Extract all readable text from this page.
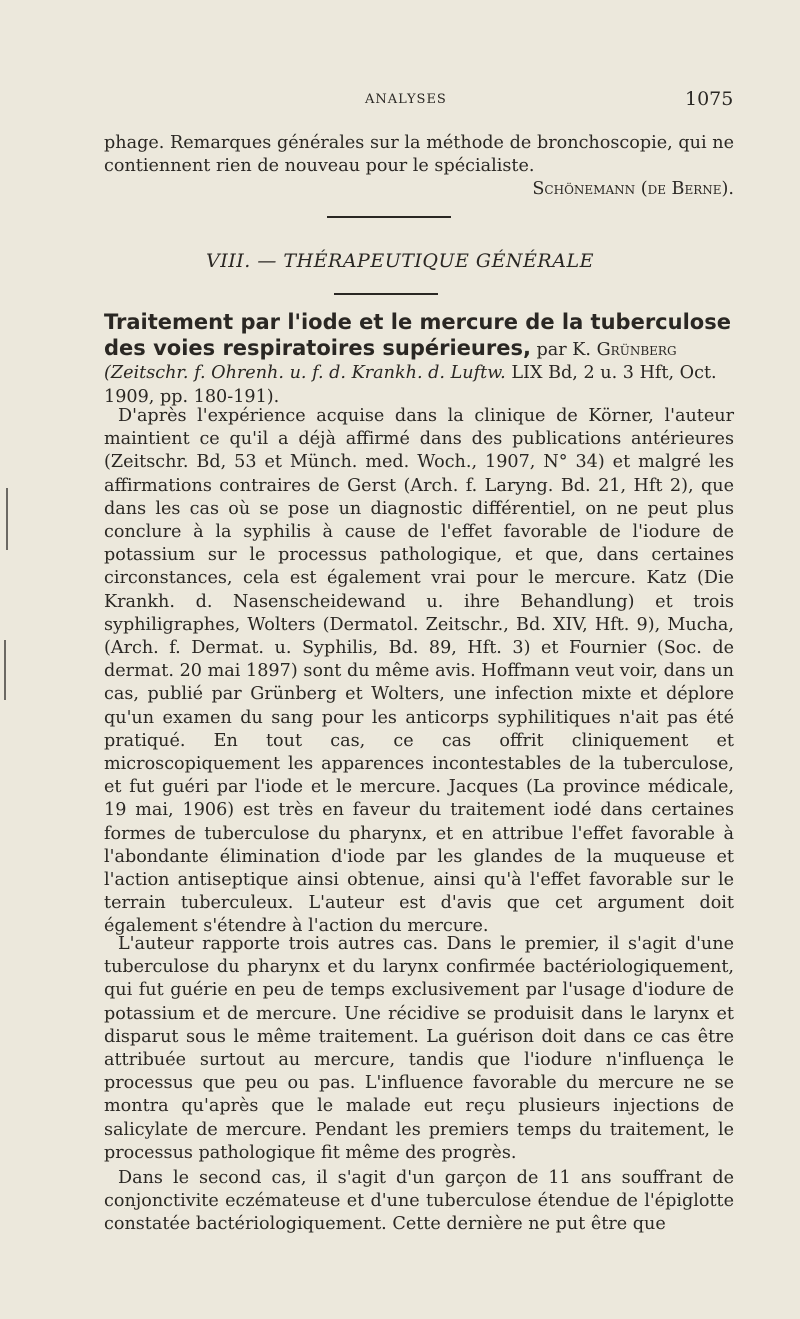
ANALYSES	1075
phage. Remarques générales sur la méthode de bronchoscopie, qui ne contiennent rien de nouveau pour le spécialiste.
Schönemann (de Berne).
VIII. — THÉRAPEUTIQUE GÉNÉRALE
Traitement par l'iode et le mercure de la tuberculose des voies respiratoires supérieures, par K. Grünberg (Zeitschr. f. Ohrenh. u. f. d. Krankh. d. Luftw. LIX Bd, 2 u. 3 Hft, Oct. 1909, pp. 180-191).

D'après l'expérience acquise dans la clinique de Körner, l'auteur maintient ce qu'il a déjà affirmé dans des publications antérieures (Zeitschr. Bd, 53 et Münch. med. Woch., 1907, N° 34) et malgré les affirmations contraires de Gerst (Arch. f. Laryng. Bd. 21, Hft 2), que dans les cas où se pose un diagnostic différentiel, on ne peut plus conclure à la syphilis à cause de l'effet favorable de l'iodure de potassium sur le processus pathologique, et que, dans certaines circonstances, cela est également vrai pour le mercure. Katz (Die Krankh. d. Nasenscheidewand u. ihre Behandlung) et trois syphiligraphes, Wolters (Dermatol. Zeitschr., Bd. XIV, Hft. 9), Mucha, (Arch. f. Dermat. u. Syphilis, Bd. 89, Hft. 3) et Fournier (Soc. de dermat. 20 mai 1897) sont du même avis. Hoffmann veut voir, dans un cas, publié par Grünberg et Wolters, une infection mixte et déplore qu'un examen du sang pour les anticorps syphilitiques n'ait pas été pratiqué. En tout cas, ce cas offrit cliniquement et microscopiquement les apparences incontestables de la tuberculose, et fut guéri par l'iode et le mercure. Jacques (La province médicale, 19 mai, 1906) est très en faveur du traitement iodé dans certaines formes de tuberculose du pharynx, et en attribue l'effet favorable à l'abondante élimination d'iode par les glandes de la muqueuse et l'action antiseptique ainsi obtenue, ainsi qu'à l'effet favorable sur le terrain tuberculeux. L'auteur est d'avis que cet argument doit également s'étendre à l'action du mercure.

L'auteur rapporte trois autres cas. Dans le premier, il s'agit d'une tuberculose du pharynx et du larynx confirmée bactériologiquement, qui fut guérie en peu de temps exclusivement par l'usage d'iodure de potassium et de mercure. Une récidive se produisit dans le larynx et disparut sous le même traitement. La guérison doit dans ce cas être attribuée surtout au mercure, tandis que l'iodure n'influença le processus que peu ou pas. L'influence favorable du mercure ne se montra qu'après que le malade eut reçu plusieurs injections de salicylate de mercure. Pendant les premiers temps du traitement, le processus pathologique fit même des progrès.

Dans le second cas, il s'agit d'un garçon de 11 ans souffrant de conjonctivite eczémateuse et d'une tuberculose étendue de l'épiglotte constatée bactériologiquement. Cette dernière ne put être que
